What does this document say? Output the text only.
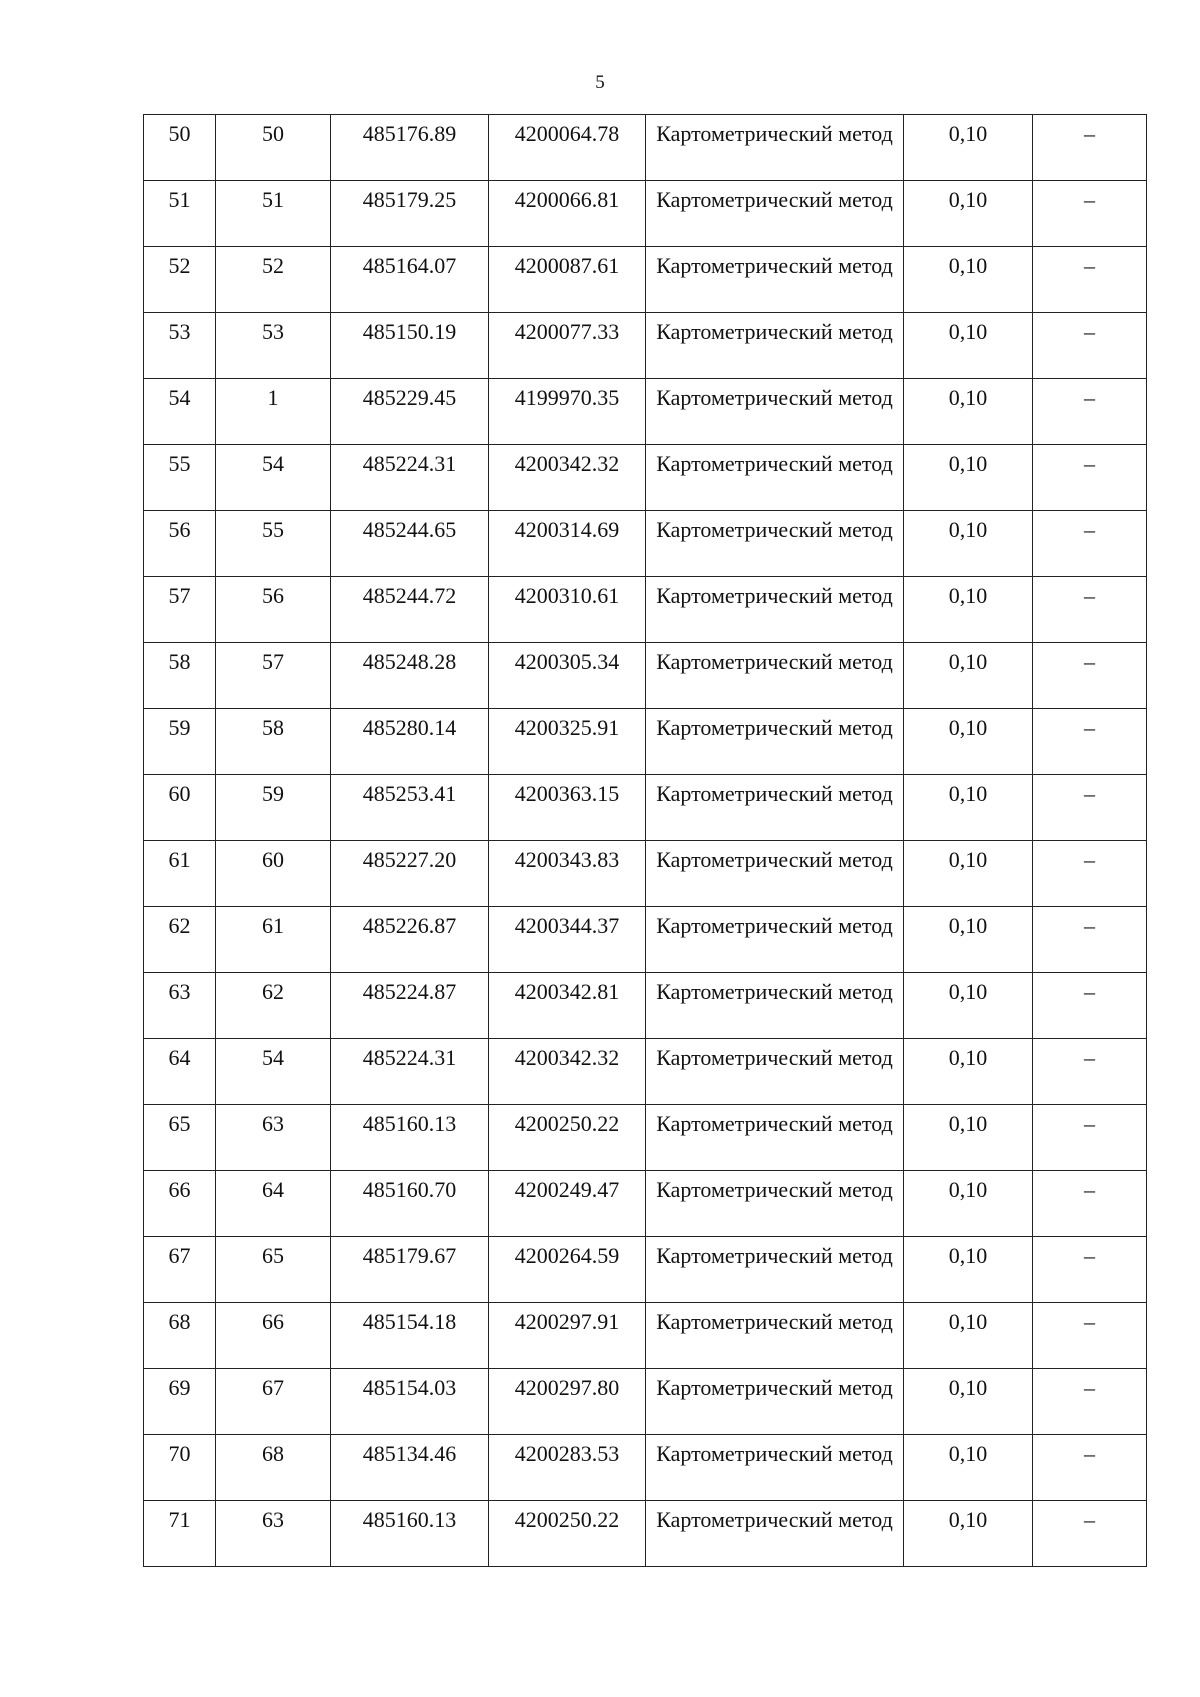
5
50	50	485176.89	4200064.78	Картометрический метод	0,10	–
51	51	485179.25	4200066.81	Картометрический метод	0,10	–
52	52	485164.07	4200087.61	Картометрический метод	0,10	–
53	53	485150.19	4200077.33	Картометрический метод	0,10	–
54	1	485229.45	4199970.35	Картометрический метод	0,10	–
55	54	485224.31	4200342.32	Картометрический метод	0,10	–
56	55	485244.65	4200314.69	Картометрический метод	0,10	–
57	56	485244.72	4200310.61	Картометрический метод	0,10	–
58	57	485248.28	4200305.34	Картометрический метод	0,10	–
59	58	485280.14	4200325.91	Картометрический метод	0,10	–
60	59	485253.41	4200363.15	Картометрический метод	0,10	–
61	60	485227.20	4200343.83	Картометрический метод	0,10	–
62	61	485226.87	4200344.37	Картометрический метод	0,10	–
63	62	485224.87	4200342.81	Картометрический метод	0,10	–
64	54	485224.31	4200342.32	Картометрический метод	0,10	–
65	63	485160.13	4200250.22	Картометрический метод	0,10	–
66	64	485160.70	4200249.47	Картометрический метод	0,10	–
67	65	485179.67	4200264.59	Картометрический метод	0,10	–
68	66	485154.18	4200297.91	Картометрический метод	0,10	–
69	67	485154.03	4200297.80	Картометрический метод	0,10	–
70	68	485134.46	4200283.53	Картометрический метод	0,10	–
71	63	485160.13	4200250.22	Картометрический метод	0,10	–
